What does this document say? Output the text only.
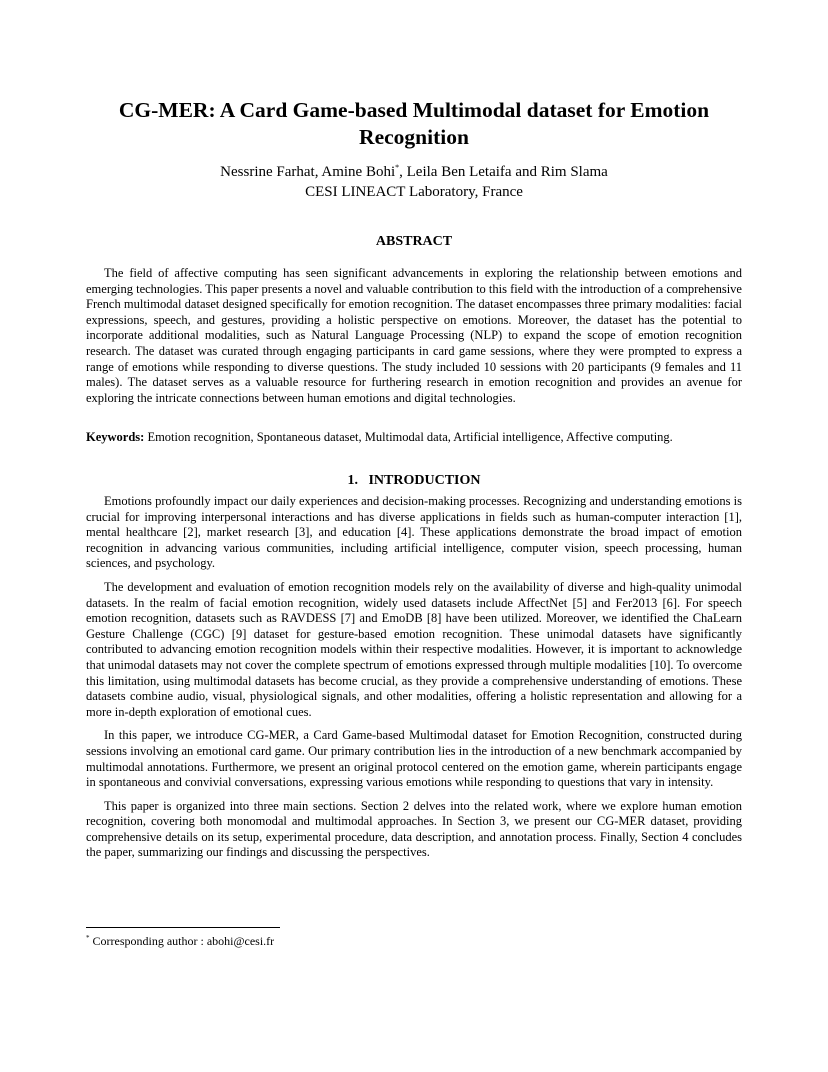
CG-MER: A Card Game-based Multimodal dataset for Emotion Recognition
Nessrine Farhat, Amine Bohi*, Leila Ben Letaifa and Rim Slama
CESI LINEACT Laboratory, France
ABSTRACT

The field of affective computing has seen significant advancements in exploring the relationship between emotions and emerging technologies. This paper presents a novel and valuable contribution to this field with the introduction of a comprehensive French multimodal dataset designed specifically for emotion recognition. The dataset encompasses three primary modalities: facial expressions, speech, and gestures, providing a holistic perspective on emotions. Moreover, the dataset has the potential to incorporate additional modalities, such as Natural Language Processing (NLP) to expand the scope of emotion recognition research. The dataset was curated through engaging participants in card game sessions, where they were prompted to express a range of emotions while responding to diverse questions. The study included 10 sessions with 20 participants (9 females and 11 males). The dataset serves as a valuable resource for furthering research in emotion recognition and provides an avenue for exploring the intricate connections between human emotions and digital technologies.

Keywords: Emotion recognition, Spontaneous dataset, Multimodal data, Artificial intelligence, Affective computing.
1.   INTRODUCTION

Emotions profoundly impact our daily experiences and decision-making processes. Recognizing and understanding emotions is crucial for improving interpersonal interactions and has diverse applications in fields such as human-computer interaction [1], mental healthcare [2], market research [3], and education [4]. These applications demonstrate the broad impact of emotion recognition in advancing various communities, including artificial intelligence, computer vision, speech processing, human sciences, and psychology.

The development and evaluation of emotion recognition models rely on the availability of diverse and high-quality unimodal datasets. In the realm of facial emotion recognition, widely used datasets include AffectNet [5] and Fer2013 [6]. For speech emotion recognition, datasets such as RAVDESS [7] and EmoDB [8] have been utilized. Moreover, we identified the ChaLearn Gesture Challenge (CGC) [9] dataset for gesture-based emotion recognition. These unimodal datasets have significantly contributed to advancing emotion recognition models within their respective modalities. However, it is important to acknowledge that unimodal datasets may not cover the complete spectrum of emotions expressed through multiple modalities [10]. To overcome this limitation, using multimodal datasets has become crucial, as they provide a comprehensive understanding of emotions. These datasets combine audio, visual, physiological signals, and other modalities, offering a holistic representation and allowing for a more in-depth exploration of emotional cues.

In this paper, we introduce CG-MER, a Card Game-based Multimodal dataset for Emotion Recognition, constructed during sessions involving an emotional card game. Our primary contribution lies in the introduction of a new benchmark accompanied by multimodal annotations. Furthermore, we present an original protocol centered on the emotion game, wherein participants engage in spontaneous and convivial conversations, expressing various emotions while responding to questions that vary in intensity.

This paper is organized into three main sections. Section 2 delves into the related work, where we explore human emotion recognition, covering both monomodal and multimodal approaches. In Section 3, we present our CG-MER dataset, providing comprehensive details on its setup, experimental procedure, data description, and annotation process. Finally, Section 4 concludes the paper, summarizing our findings and discussing the perspectives.

* Corresponding author : abohi@cesi.fr
